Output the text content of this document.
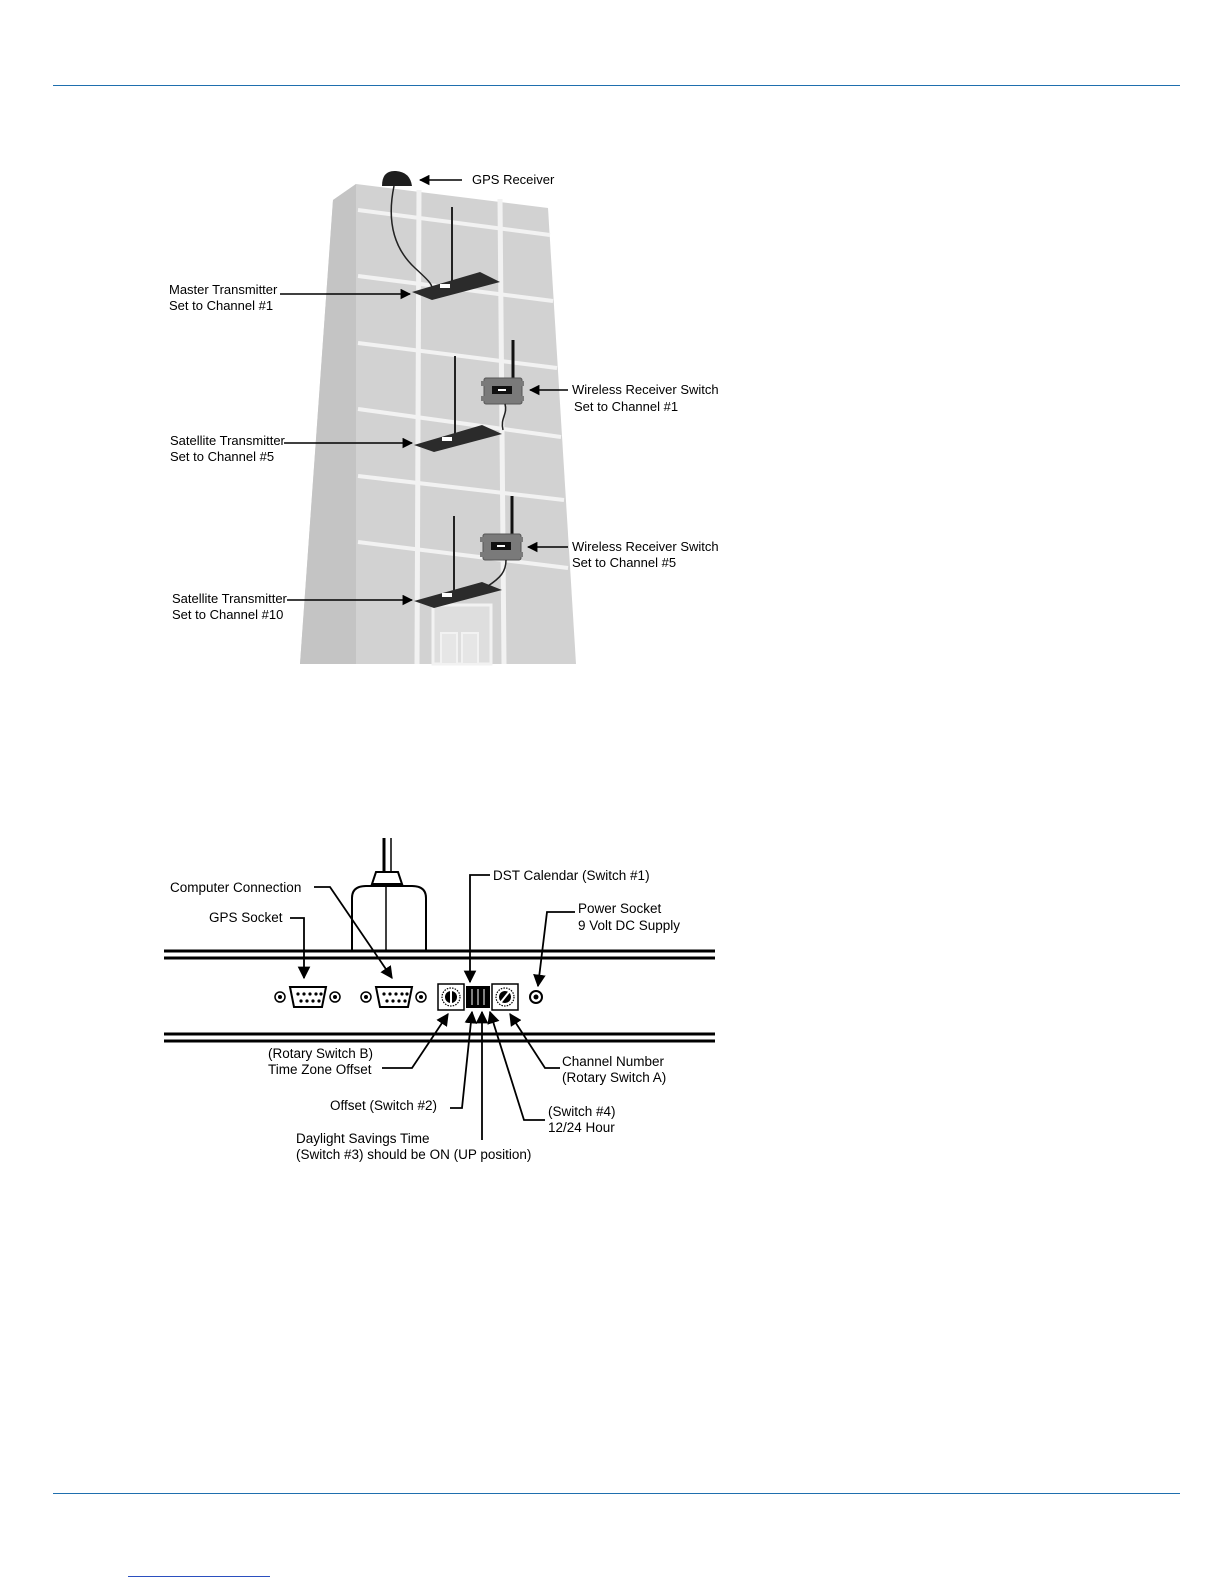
GPS Receiver
Master Transmitter
Set to Channel #1
Wireless Receiver Switch
Set to Channel #1
Satellite Transmitter
Set to Channel #5
Wireless Receiver Switch
Set to Channel #5
Satellite Transmitter
Set to Channel #10
Computer Connection
GPS Socket
DST Calendar (Switch #1)
Power Socket
9 Volt DC Supply
(Rotary Switch B)
Time Zone Offset
Channel Number
(Rotary Switch A)
Offset (Switch #2)	(Switch #4)
12/24 Hour
Daylight Savings Time
(Switch #3) should be ON (UP position)
